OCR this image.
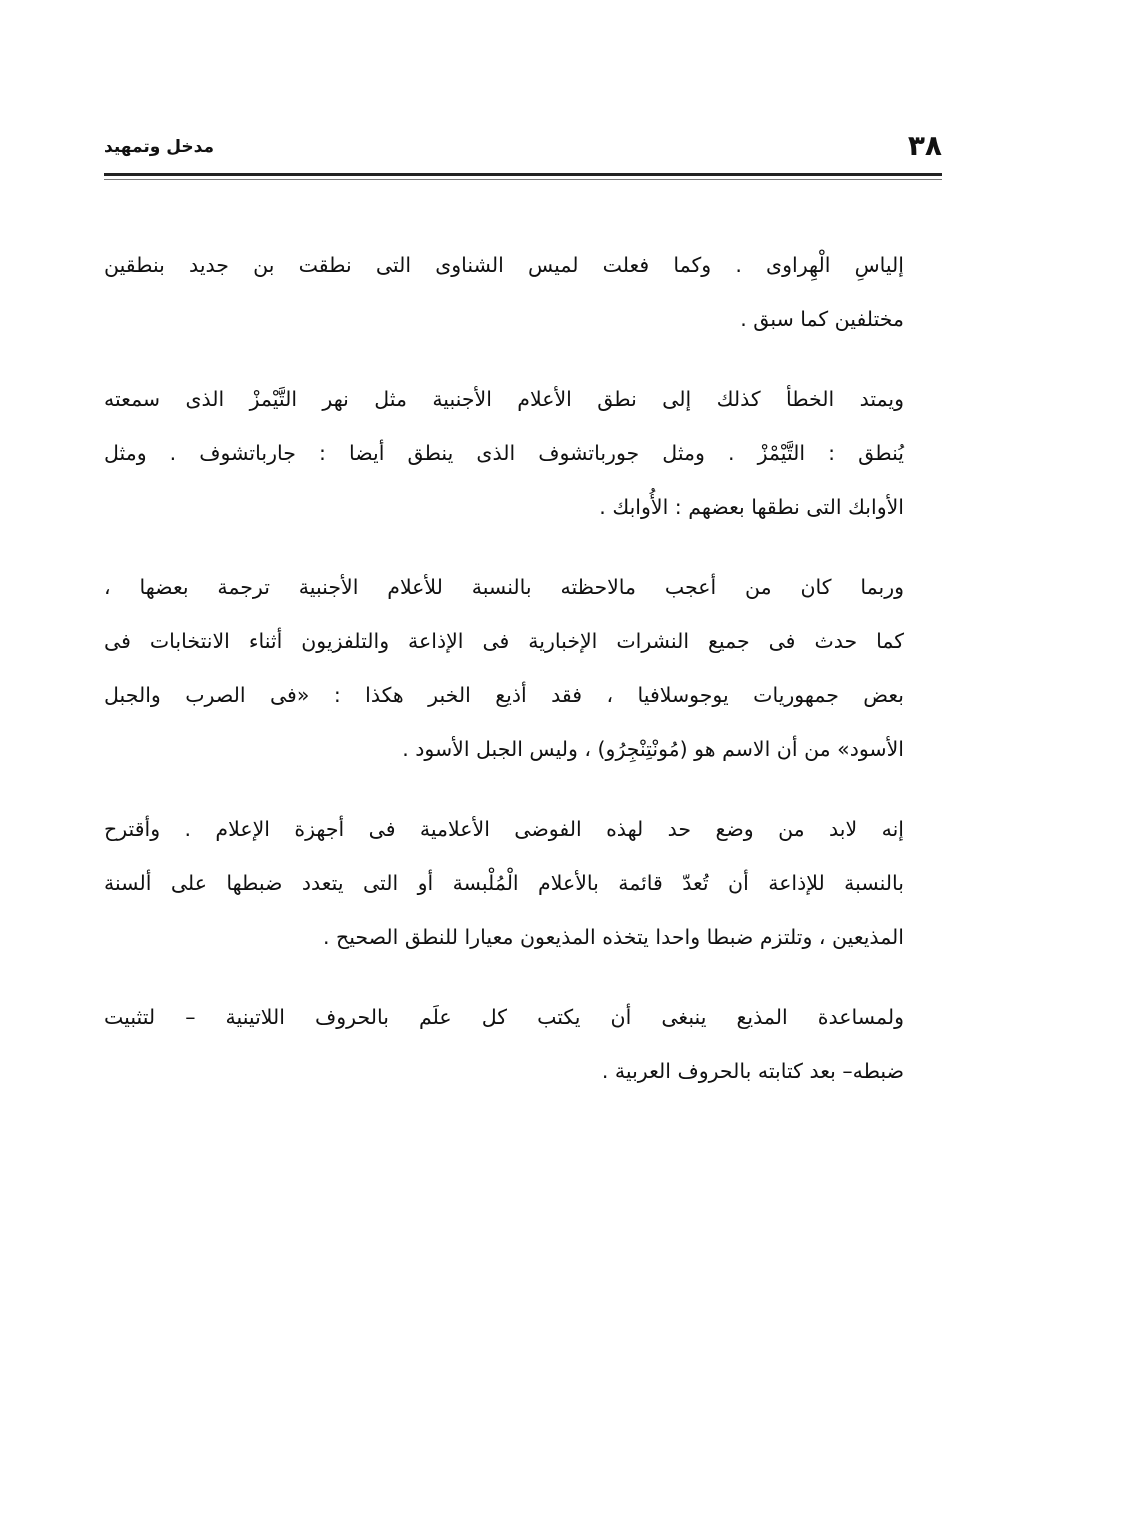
٣٨
مدخل وتمهيد

إلياسِ الْهِراوى . وكما فعلت لميس الشناوى التى نطقت بن جديد بنطقين
مختلفين كما سبق .

ويمتد الخطأ كذلك إلى نطق الأعلام الأجنبية مثل نهر التَّيْمزْ الذى سمعته
يُنطق : التَّيْمْزْ . ومثل جورباتشوف الذى ينطق أيضا : جارباتشوف . ومثل
الأوابك التى نطقها بعضهم : الأُوابك .

وربما كان من أعجب مالاحظته بالنسبة للأعلام الأجنبية ترجمة بعضها ،
كما حدث فى جميع النشرات الإخبارية فى الإذاعة والتلفزيون أثناء الانتخابات فى
بعض جمهوريات يوجوسلافيا ، فقد أذيع الخبر هكذا : «فى الصرب والجبل
الأسود» من أن الاسم هو (مُونْتِنْجِرُو) ، وليس الجبل الأسود .

إنه لابد من وضع حد لهذه الفوضى الأعلامية فى أجهزة الإعلام . وأقترح
بالنسبة للإذاعة أن تُعدّ قائمة بالأعلام الْمُلْبسة أو التى يتعدد ضبطها على ألسنة
المذيعين ، وتلتزم ضبطا واحدا يتخذه المذيعون معيارا للنطق الصحيح .

ولمساعدة المذيع ينبغى أن يكتب كل علَم بالحروف اللاتينية – لتثبيت
ضبطه– بعد كتابته بالحروف العربية .
